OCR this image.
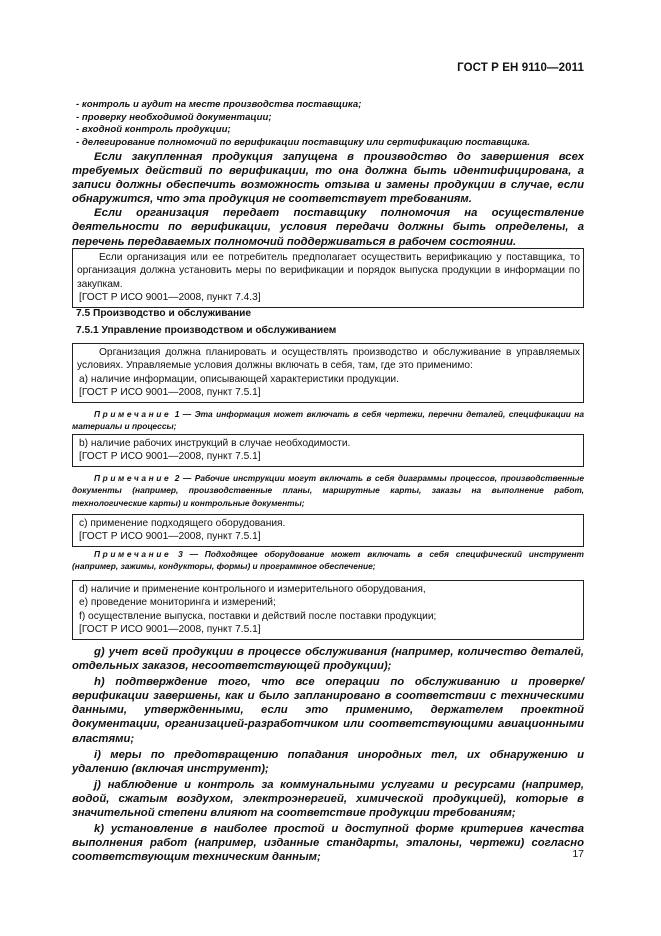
ГОСТ Р ЕН 9110—2011

- контроль и аудит на месте производства поставщика;

- проверку необходимой документации;

- входной контроль продукции;

- делегирование полномочий по верификации поставщику или сертификацию поставщика.

Если закупленная продукция запущена в производство до завершения всех требуемых действий по верификации, то она должна быть идентифицирована, а записи должны обеспечить возможность отзыва и замены продукции в случае, если обнаружится, что эта продукция не соответствует требованиям.

Если организация передает поставщику полномочия на осуществление деятельности по верификации, условия передачи должны быть определены, а перечень передаваемых полномочий поддерживаться в рабочем состоянии.

Если организация или ее потребитель предполагает осуществить верификацию у поставщика, то организация должна установить меры по верификации и порядок выпуска продукции в информации по закупкам.

[ГОСТ Р ИСО 9001—2008, пункт 7.4.3]

7.5 Производство и обслуживание

7.5.1 Управление производством и обслуживанием

Организация должна планировать и осуществлять производство и обслуживание в управляемых условиях. Управляемые условия должны включать в себя, там, где это применимо:

а) наличие информации, описывающей характеристики продукции.

[ГОСТ Р ИСО 9001—2008, пункт 7.5.1]

Примечание 1 — Эта информация может включать в себя чертежи, перечни деталей, спецификации на материалы и процессы;

b) наличие рабочих инструкций в случае необходимости.

[ГОСТ Р ИСО 9001—2008, пункт 7.5.1]

Примечание 2 — Рабочие инструкции могут включать в себя диаграммы процессов, производственные документы (например, производственные планы, маршрутные карты, заказы на выполнение работ, технологические карты) и контрольные документы;

с) применение подходящего оборудования.

[ГОСТ Р ИСО 9001—2008, пункт 7.5.1]

Примечание 3 — Подходящее оборудование может включать в себя специфический инструмент (например, зажимы, кондукторы, формы) и программное обеспечение;

d) наличие и применение контрольного и измерительного оборудования,

е) проведение мониторинга и измерений;

f) осуществление выпуска, поставки и действий после поставки продукции;

[ГОСТ Р ИСО 9001—2008, пункт 7.5.1]

g) учет всей продукции в процессе обслуживания (например, количество деталей, отдельных заказов, несоответствующей продукции);

h) подтверждение того, что все операции по обслуживанию и проверке/верификации завершены, как и было запланировано в соответствии с техническими данными, утвержденными, если это применимо, держателем проектной документации, организацией-разработчиком или соответствующими авиационными властями;

i) меры по предотвращению попадания инородных тел, их обнаружению и удалению (включая инструмент);

j) наблюдение и контроль за коммунальными услугами и ресурсами (например, водой, сжатым воздухом, электроэнергией, химической продукцией), которые в значительной степени влияют на соответствие продукции требованиям;

k) установление в наиболее простой и доступной форме критериев качества выполнения работ (например, изданные стандарты, эталоны, чертежи) согласно соответствующим техническим данным;	17
